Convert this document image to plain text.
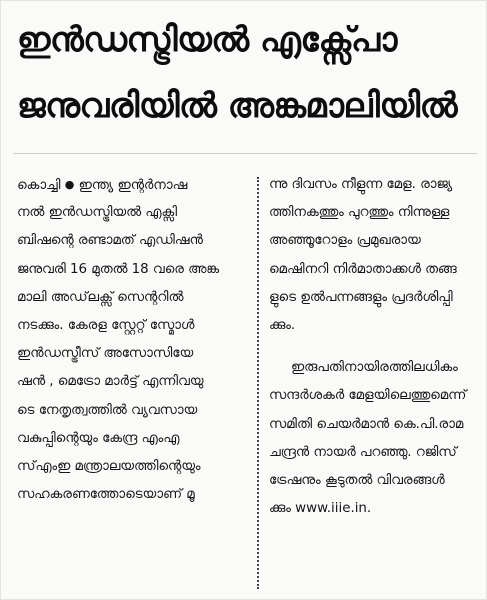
ഇൻഡസ്ട്രിയൽ എക്സ്പോ
ജനുവരിയിൽ അങ്കമാലിയിൽ
കൊച്ചി ● ഇന്ത്യ ഇന്റർനാഷ
നൽ ഇൻഡസ്ട്രിയൽ എക്സി
ബിഷന്റെ രണ്ടാമത് എഡിഷൻ
ജനുവരി 16 മുതൽ 18 വരെ അങ്ക
മാലി അഡ്‌ലക്സ് സെന്ററിൽ
നടക്കും. കേരള സ്റ്റേറ്റ് സ്മോൾ
ഇൻഡസ്ട്രീസ് അസോസിയേ
ഷൻ , മെട്രോ മാർട്ട് എന്നിവയു
ടെ നേതൃത്വത്തിൽ വ്യവസായ
വകുപ്പിന്റെയും കേന്ദ്ര എംഎ
സ്എംഇ മന്ത്രാലയത്തിന്റെയും
സഹകരണത്തോടെയാണ് മൂ
ന്നു ദിവസം നീളുന്ന മേള. രാജ്യ
ത്തിനകത്തും പുറത്തും നിന്നുള്ള
അഞ്ഞൂറോളം പ്രമുഖരായ
മെഷിനറി നിർമാതാക്കൾ തങ്ങ
ളുടെ ഉൽപന്നങ്ങളും പ്രദർശിപ്പി
ക്കും.
ഇരുപതിനായിരത്തിലധികം
സന്ദർശകർ മേളയിലെത്തുമെന്ന്
സമിതി ചെയർമാൻ കെ.പി.രാമ
ചന്ദ്രൻ നായർ പറഞ്ഞു. റജിസ്
ട്രേഷനും കൂടുതൽ വിവരങ്ങൾ
ക്കും www.iiie.in.
